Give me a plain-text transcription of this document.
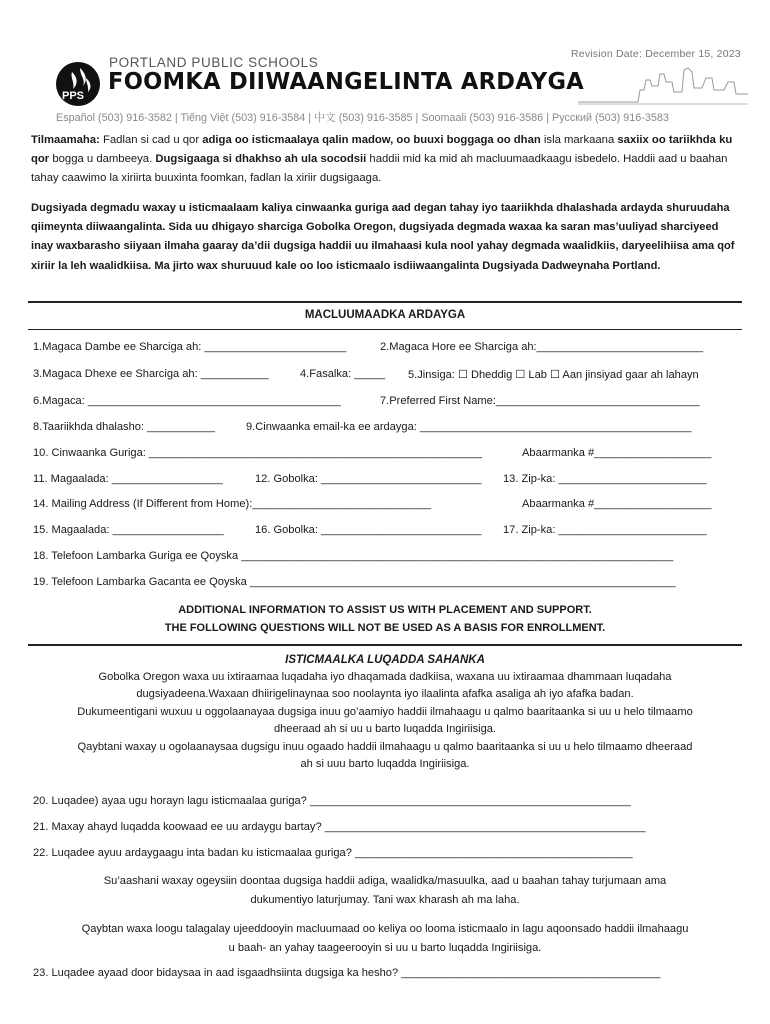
Revision Date: December 15, 2023
PPS
PORTLAND PUBLIC SCHOOLS
FOOMKA DIIWAANGELINTA ARDAYGA
Español (503) 916-3582 | Tiếng Việt (503) 916-3584 | 中文 (503) 916-3585 | Soomaali (503) 916-3586 | Русский (503) 916-3583
Tilmaamaha: Fadlan si cad u qor adiga oo isticmaalaya qalin madow, oo buuxi boggaga oo dhan isla markaana saxiix oo tariikhda ku qor bogga u dambeeya. Dugsigaaga si dhakhso ah ula socodsii haddii mid ka mid ah macluumaadkaagu isbedelo. Haddii aad u baahan tahay caawimo la xiriirta buuxinta foomkan, fadlan la xiriir dugsigaaga.
Dugsiyada degmadu waxay u isticmaalaam kaliya cinwaanka guriga aad degan tahay iyo taariikhda dhalashada ardayda shuruudaha qiimeynta diiwaangalinta. Sida uu dhigayo sharciga Gobolka Oregon, dugsiyada degmada waxaa ka saran mas’uuliyad sharciyeed inay waxbarasho siiyaan ilmaha gaaray da’dii dugsiga haddii uu ilmahaasi kula nool yahay degmada waalidkiis, daryeelihiisa ama qof xiriir la leh waalidkiisa. Ma jirto wax shuruuud kale oo loo isticmaalo isdiiwaangalinta Dugsiyada Dadweynaha Portland.
MACLUUMAADKA ARDAYGA
1.Magaca Dambe ee Sharciga ah: _______________________	2.Magaca Hore ee Sharciga ah:___________________________
3.Magaca Dhexe ee Sharciga ah: ___________	4.Fasalka: _____ 5.Jinsiga: ☐ Dheddig ☐ Lab ☐ Aan jinsiyad gaar ah lahayn
6.Magaca: _________________________________________	7.Preferred First Name:_________________________________
8.Taariikhda dhalasho: ___________	9.Cinwaanka email-ka ee ardayga: ____________________________________________
10. Cinwaanka Guriga: ______________________________________________________	Abaarmanka #___________________
11. Magaalada: __________________	12. Gobolka: __________________________ 13. Zip-ka: ________________________
14. Mailing Address (If Different from Home):_____________________________	Abaarmanka #___________________
15. Magaalada: __________________	16. Gobolka: __________________________ 17. Zip-ka: ________________________
18. Telefoon Lambarka Guriga ee Qoyska ______________________________________________________________________
19. Telefoon Lambarka Gacanta ee Qoyska _____________________________________________________________________
ADDITIONAL INFORMATION TO ASSIST US WITH PLACEMENT AND SUPPORT.
THE FOLLOWING QUESTIONS WILL NOT BE USED AS A BASIS FOR ENROLLMENT.
ISTICMAALKA LUQADDA SAHANKA
Gobolka Oregon waxa uu ixtiraamaa luqadaha iyo dhaqamada dadkiisa, waxana uu ixtiraamaa dhammaan luqadaha
dugsiyadeena.Waxaan dhiirigelinaynaa soo noolaynta iyo ilaalinta afafka asaliga ah iyo afafka badan.
Dukumeentigani wuxuu u oggolaanayaa dugsiga inuu go’aamiyo haddii ilmahaagu u qalmo baaritaanka si uu u helo tilmaamo
dheeraad ah si uu u barto luqadda Ingiriisiga.
Qaybtani waxay u ogolaanaysaa dugsigu inuu ogaado haddii ilmahaagu u qalmo baaritaanka si uu u helo tilmaamo dheeraad
ah si uuu barto luqadda Ingiriisiga.
20. Luqadee) ayaa ugu horayn lagu isticmaalaa guriga? ____________________________________________________
21. Maxay ahayd luqadda koowaad ee uu ardaygu bartay? ____________________________________________________
22. Luqadee ayuu ardaygaagu inta badan ku isticmaalaa guriga? _____________________________________________
Su’aashani waxay ogeysiin doontaa dugsiga haddii adiga, waalidka/masuulka, aad u baahan tahay turjumaan ama
dukumentiyo laturjumay. Tani wax kharash ah ma laha.
Qaybtan waxa loogu talagalay ujeeddooyin macluumaad oo keliya oo looma isticmaalo in lagu aqoonsado haddii ilmahaagu
u baah- an yahay taageerooyin si uu u barto luqadda Ingiriisiga.
23. Luqadee ayaad door bidaysaa in aad isgaadhsiinta dugsiga ka hesho? __________________________________________
